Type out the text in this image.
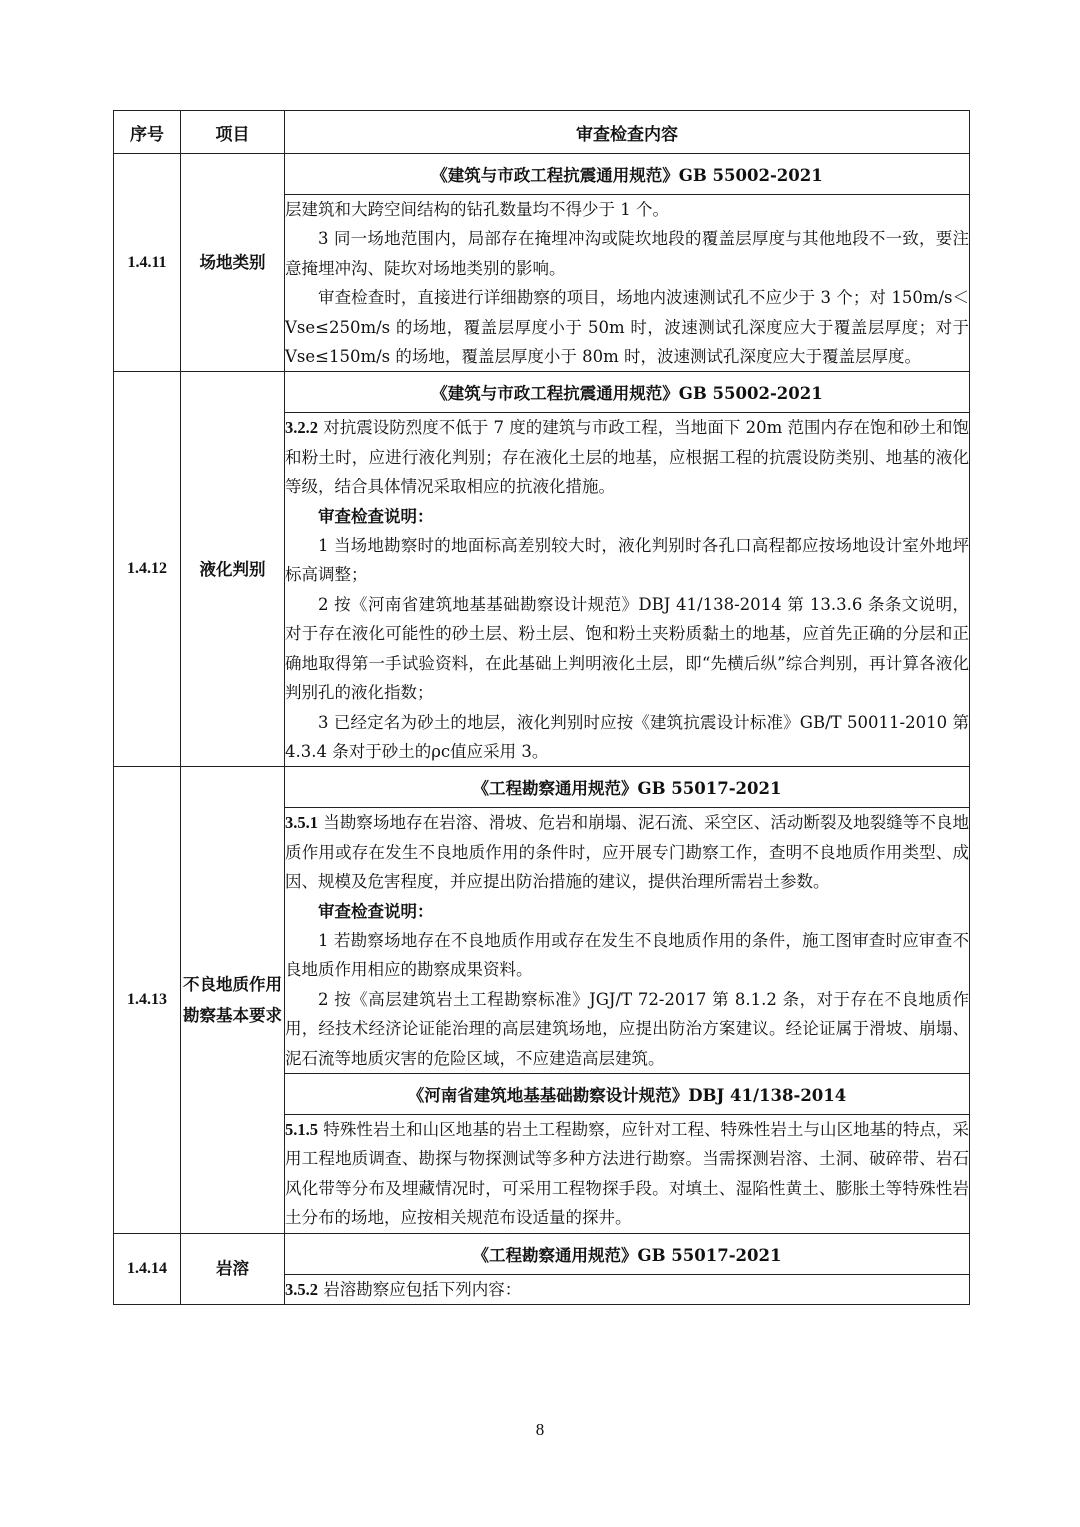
序号	项目	审查检查内容
1.4.11	场地类别	《建筑与市政工程抗震通用规范》GB 55002-2021

		层建筑和大跨空间结构的钻孔数量均不得少于 1 个。

3 同一场地范围内，局部存在掩埋冲沟或陡坎地段的覆盖层厚度与其他地段不一致，要注意掩埋冲沟、陡坎对场地类别的影响。

审查检查时，直接进行详细勘察的项目，场地内波速测试孔不应少于 3 个；对 150m/s＜Vse≤250m/s 的场地，覆盖层厚度小于 50m 时，波速测试孔深度应大于覆盖层厚度；对于 Vse≤150m/s 的场地，覆盖层厚度小于 80m 时，波速测试孔深度应大于覆盖层厚度。

1.4.12	液化判别	《建筑与市政工程抗震通用规范》GB 55002-2021

		3.2.2 对抗震设防烈度不低于 7 度的建筑与市政工程，当地面下 20m 范围内存在饱和砂土和饱和粉土时，应进行液化判别；存在液化土层的地基，应根据工程的抗震设防类别、地基的液化等级，结合具体情况采取相应的抗液化措施。

审查检查说明：

1 当场地勘察时的地面标高差别较大时，液化判别时各孔口高程都应按场地设计室外地坪标高调整；

2 按《河南省建筑地基基础勘察设计规范》DBJ 41/138-2014 第 13.3.6 条条文说明，对于存在液化可能性的砂土层、粉土层、饱和粉土夹粉质黏土的地基，应首先正确的分层和正确地取得第一手试验资料，在此基础上判明液化土层，即“先横后纵”综合判别，再计算各液化判别孔的液化指数；

3 已经定名为砂土的地层，液化判别时应按《建筑抗震设计标准》GB/T 50011-2010 第 4.3.4 条对于砂土的ρc值应采用 3。

1.4.13	不良地质作用勘察基本要求	《工程勘察通用规范》GB 55017-2021

		3.5.1 当勘察场地存在岩溶、滑坡、危岩和崩塌、泥石流、采空区、活动断裂及地裂缝等不良地质作用或存在发生不良地质作用的条件时，应开展专门勘察工作，查明不良地质作用类型、成因、规模及危害程度，并应提出防治措施的建议，提供治理所需岩土参数。

审查检查说明：

1 若勘察场地存在不良地质作用或存在发生不良地质作用的条件，施工图审查时应审查不良地质作用相应的勘察成果资料。

2 按《高层建筑岩土工程勘察标准》JGJ/T 72-2017 第 8.1.2 条，对于存在不良地质作用，经技术经济论证能治理的高层建筑场地，应提出防治方案建议。经论证属于滑坡、崩塌、泥石流等地质灾害的危险区域，不应建造高层建筑。

		《河南省建筑地基基础勘察设计规范》DBJ 41/138-2014

		5.1.5 特殊性岩土和山区地基的岩土工程勘察，应针对工程、特殊性岩土与山区地基的特点，采用工程地质调查、勘探与物探测试等多种方法进行勘察。当需探测岩溶、土洞、破碎带、岩石风化带等分布及埋藏情况时，可采用工程物探手段。对填土、湿陷性黄土、膨胀土等特殊性岩土分布的场地，应按相关规范布设适量的探井。

1.4.14	岩溶	《工程勘察通用规范》GB 55017-2021

		3.5.2 岩溶勘察应包括下列内容：

8
